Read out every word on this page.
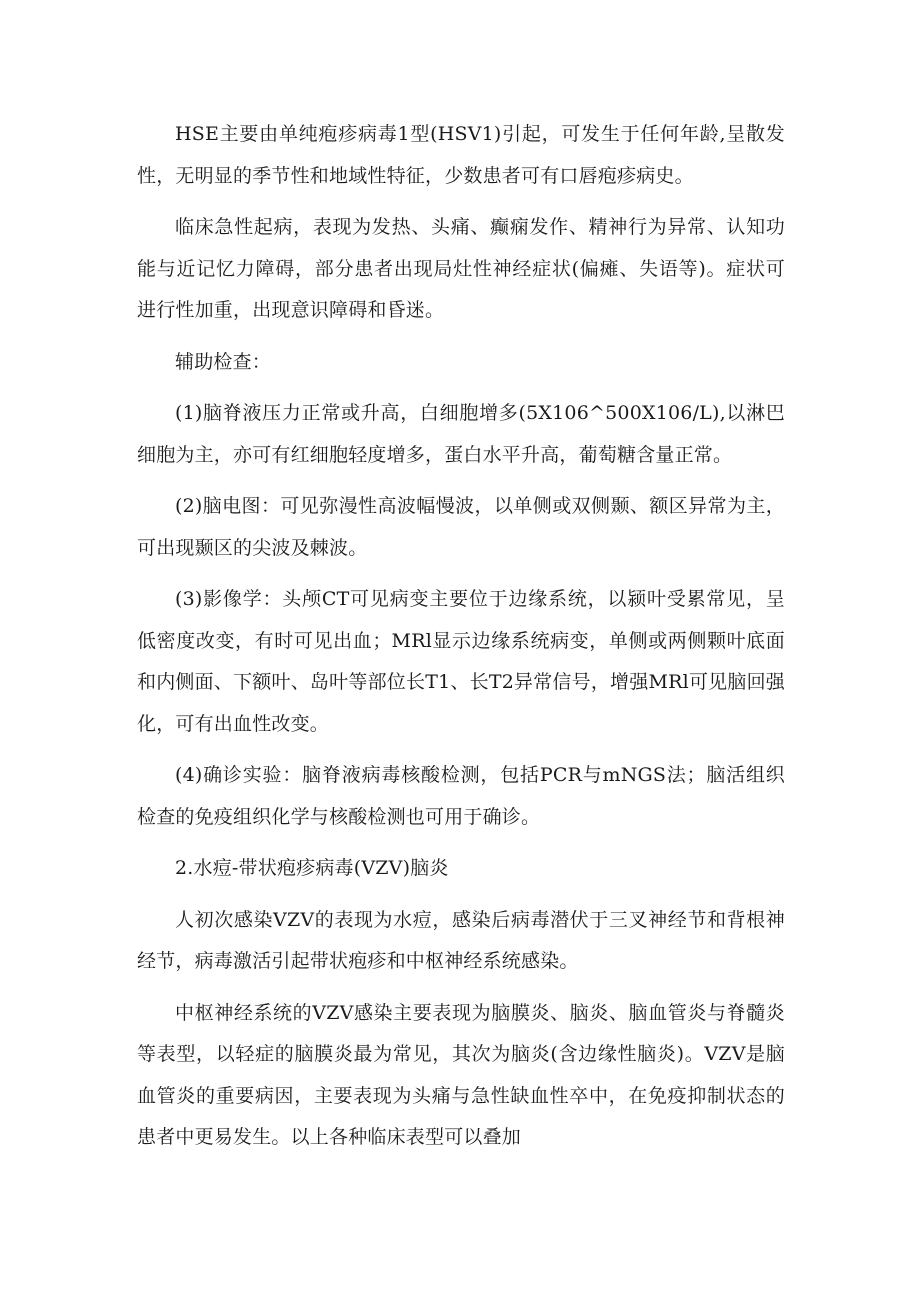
HSE主要由单纯疱疹病毒1型(HSV1)引起，可发生于任何年龄,呈散发性，无明显的季节性和地域性特征，少数患者可有口唇疱疹病史。

临床急性起病，表现为发热、头痛、癫痫发作、精神行为异常、认知功能与近记忆力障碍，部分患者出现局灶性神经症状(偏瘫、失语等)。症状可进行性加重，出现意识障碍和昏迷。

辅助检查：

(1)脑脊液压力正常或升高，白细胞增多(5X106^500X106/L),以淋巴细胞为主，亦可有红细胞轻度增多，蛋白水平升高，葡萄糖含量正常。

(2)脑电图：可见弥漫性高波幅慢波，以单侧或双侧颞、额区异常为主，可出现颞区的尖波及棘波。

(3)影像学：头颅CT可见病变主要位于边缘系统，以颍叶受累常见，呈低密度改变，有时可见出血；MRl显示边缘系统病变，单侧或两侧颗叶底面和内侧面、下额叶、岛叶等部位长T1、长T2异常信号，增强MRl可见脑回强化，可有出血性改变。

(4)确诊实验：脑脊液病毒核酸检测，包括PCR与mNGS法；脑活组织检查的免疫组织化学与核酸检测也可用于确诊。

2.水痘-带状疱疹病毒(VZV)脑炎

人初次感染VZV的表现为水痘，感染后病毒潜伏于三叉神经节和背根神经节，病毒激活引起带状疱疹和中枢神经系统感染。

中枢神经系统的VZV感染主要表现为脑膜炎、脑炎、脑血管炎与脊髓炎等表型，以轻症的脑膜炎最为常见，其次为脑炎(含边缘性脑炎)。VZV是脑血管炎的重要病因，主要表现为头痛与急性缺血性卒中，在免疫抑制状态的患者中更易发生。以上各种临床表型可以叠加
